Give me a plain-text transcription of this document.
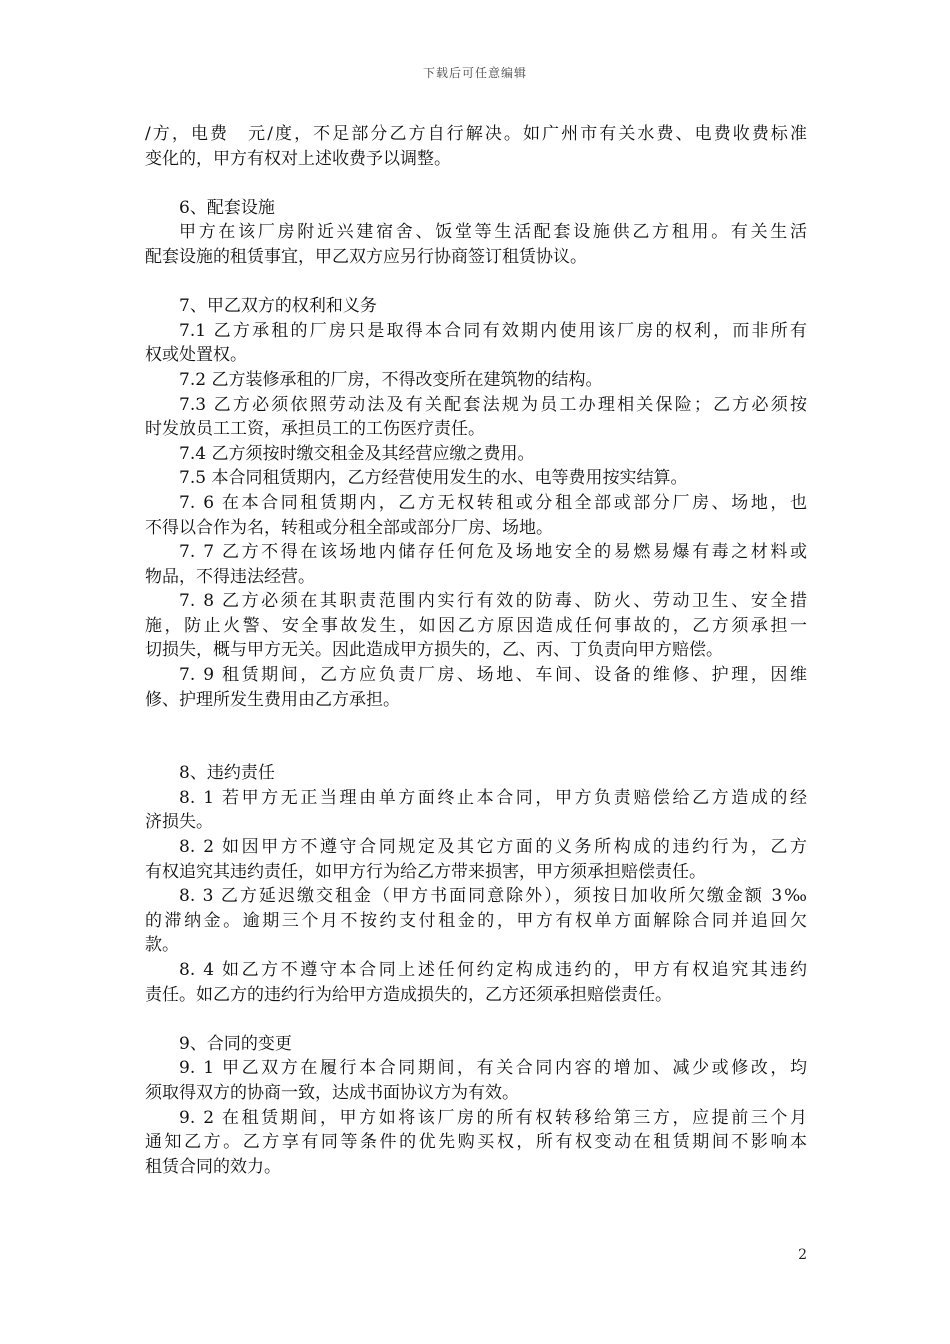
下载后可任意编辑
/方，电费　元/度，不足部分乙方自行解决。如广州市有关水费、电费收费标准
变化的，甲方有权对上述收费予以调整。
6、配套设施
甲方在该厂房附近兴建宿舍、饭堂等生活配套设施供乙方租用。有关生活
配套设施的租赁事宜，甲乙双方应另行协商签订租赁协议。
7、甲乙双方的权利和义务
7.1 乙方承租的厂房只是取得本合同有效期内使用该厂房的权利，而非所有
权或处置权。
7.2 乙方装修承租的厂房，不得改变所在建筑物的结构。
7.3 乙方必须依照劳动法及有关配套法规为员工办理相关保险；乙方必须按
时发放员工工资，承担员工的工伤医疗责任。
7.4 乙方须按时缴交租金及其经营应缴之费用。
7.5 本合同租赁期内，乙方经营使用发生的水、电等费用按实结算。
7. 6 在本合同租赁期内，乙方无权转租或分租全部或部分厂房、场地，也
不得以合作为名，转租或分租全部或部分厂房、场地。
7. 7 乙方不得在该场地内储存任何危及场地安全的易燃易爆有毒之材料或
物品，不得违法经营。
7. 8 乙方必须在其职责范围内实行有效的防毒、防火、劳动卫生、安全措
施，防止火警、安全事故发生，如因乙方原因造成任何事故的，乙方须承担一
切损失，概与甲方无关。因此造成甲方损失的，乙、丙、丁负责向甲方赔偿。
7. 9 租赁期间，乙方应负责厂房、场地、车间、设备的维修、护理，因维
修、护理所发生费用由乙方承担。
8、违约责任
8. 1 若甲方无正当理由单方面终止本合同，甲方负责赔偿给乙方造成的经
济损失。
8. 2 如因甲方不遵守合同规定及其它方面的义务所构成的违约行为，乙方
有权追究其违约责任，如甲方行为给乙方带来损害，甲方须承担赔偿责任。
8. 3 乙方延迟缴交租金（甲方书面同意除外），须按日加收所欠缴金额 3‰
的滞纳金。逾期三个月不按约支付租金的，甲方有权单方面解除合同并追回欠
款。
8. 4 如乙方不遵守本合同上述任何约定构成违约的，甲方有权追究其违约
责任。如乙方的违约行为给甲方造成损失的，乙方还须承担赔偿责任。
9、合同的变更
9. 1 甲乙双方在履行本合同期间，有关合同内容的增加、减少或修改，均
须取得双方的协商一致，达成书面协议方为有效。
9. 2 在租赁期间，甲方如将该厂房的所有权转移给第三方，应提前三个月
通知乙方。乙方享有同等条件的优先购买权，所有权变动在租赁期间不影响本
租赁合同的效力。
2
